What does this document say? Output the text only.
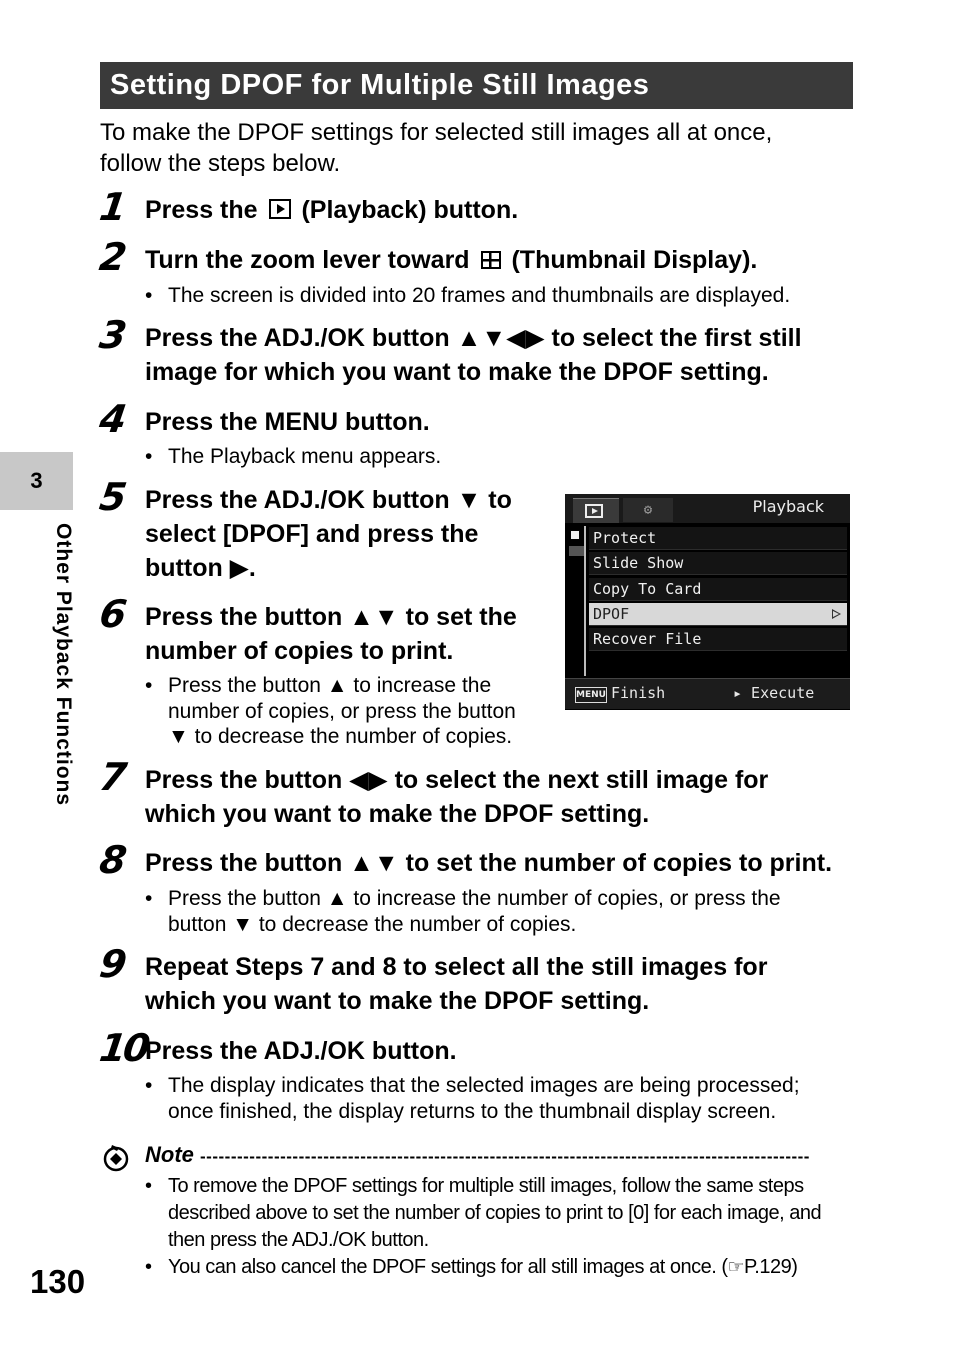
Setting DPOF for Multiple Still Images
To make the DPOF settings for selected still images all at once,
follow the steps below.
1 Press the (Playback) button.
2 Turn the zoom lever toward (Thumbnail Display).
• The screen is divided into 20 frames and thumbnails are displayed.
3 Press the ADJ./OK button ▲▼◀▶ to select the first still
image for which you want to make the DPOF setting.
4 Press the MENU button.
• The Playback menu appears.
5 Press the ADJ./OK button ▼ to
select [DPOF] and press the
button ▶.
6 Press the button ▲▼ to set the
number of copies to print.
• Press the button ▲ to increase the
number of copies, or press the button
▼ to decrease the number of copies.
⚙	Playback
Protect
Slide Show
Copy To Card
DPOF
Recover File
MENU Finish	▸ Execute
7 Press the button ◀▶ to select the next still image for
which you want to make the DPOF setting.
8 Press the button ▲▼ to set the number of copies to print.
• Press the button ▲ to increase the number of copies, or press the
button ▼ to decrease the number of copies.
9 Repeat Steps 7 and 8 to select all the still images for
which you want to make the DPOF setting.
10
Press the ADJ./OK button.
• The display indicates that the selected images are being processed;
once finished, the display returns to the thumbnail display screen.
Note ---------------------------------------------------------------------------------------------------
• To remove the DPOF settings for multiple still images, follow the same steps described above to set the number of copies to print to [0] for each image, and then press the ADJ./OK button.
• You can also cancel the DPOF settings for all still images at once. (☞P.129)
3
Other Playback Functions
130
